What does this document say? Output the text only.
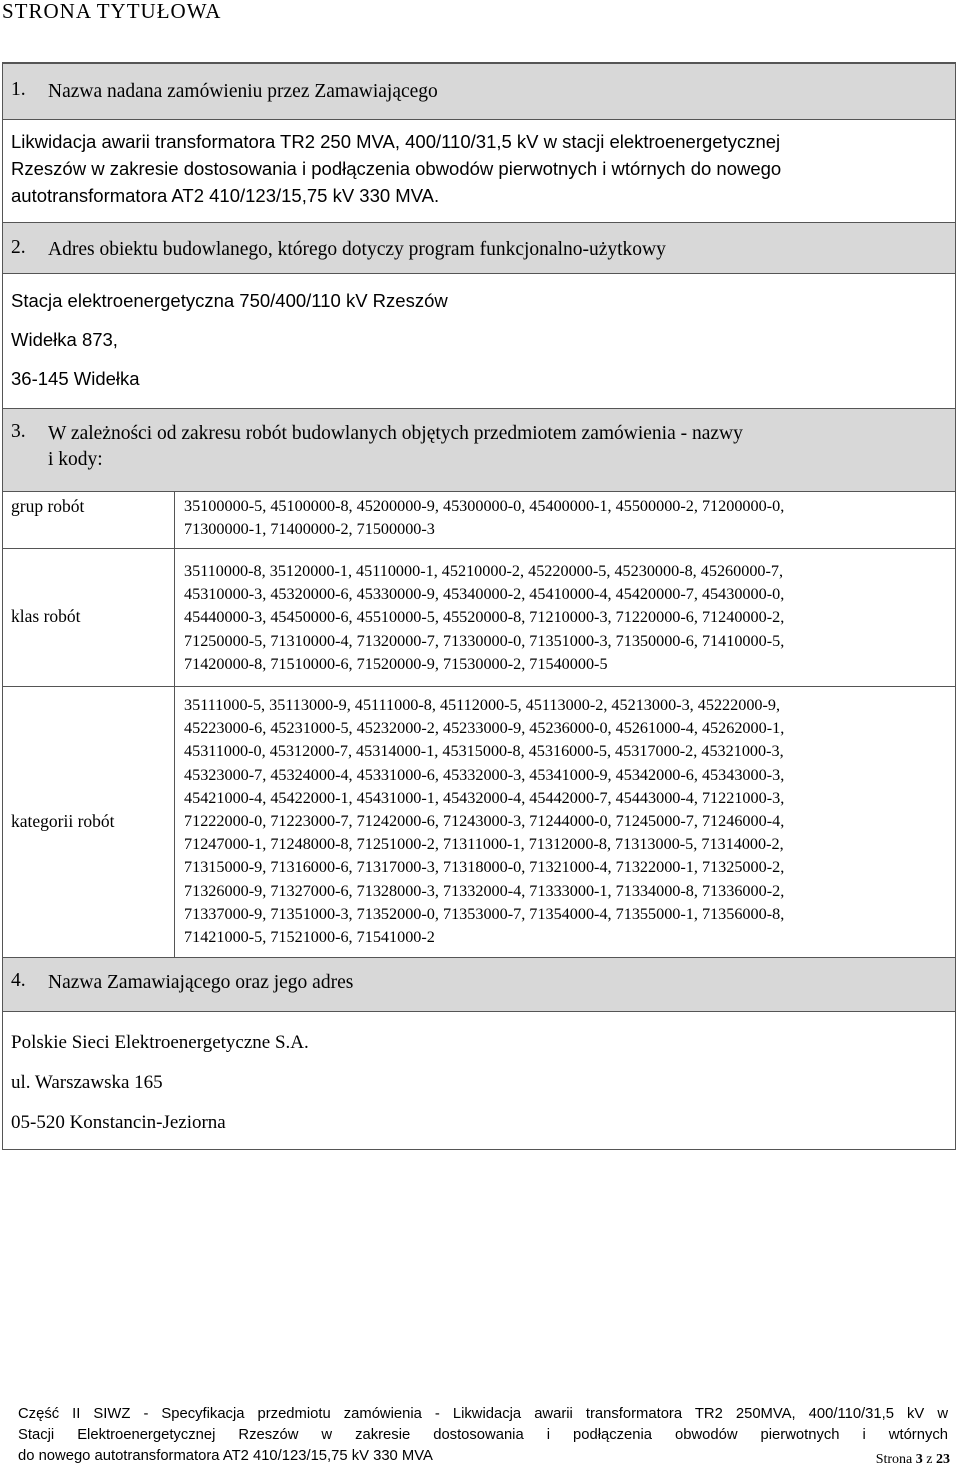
STRONA TYTUŁOWA
1. Nazwa nadana zamówieniu przez Zamawiającego
Likwidacja awarii transformatora TR2 250 MVA, 400/110/31,5 kV w stacji elektroenergetycznej
Rzeszów w zakresie dostosowania i podłączenia obwodów pierwotnych i wtórnych do nowego
autotransformatora AT2 410/123/15,75 kV 330 MVA.
2. Adres obiektu budowlanego, którego dotyczy program funkcjonalno-użytkowy
Stacja elektroenergetyczna 750/400/110 kV Rzeszów
Widełka 873,
36-145 Widełka
3. W zależności od zakresu robót budowlanych objętych przedmiotem zamówienia - nazwy
i kody:
grup robót	35100000-5, 45100000-8, 45200000-9, 45300000-0, 45400000-1, 45500000-2, 71200000-0,
71300000-1, 71400000-2, 71500000-3
klas robót
35110000-8, 35120000-1, 45110000-1, 45210000-2, 45220000-5, 45230000-8, 45260000-7,
45310000-3, 45320000-6, 45330000-9, 45340000-2, 45410000-4, 45420000-7, 45430000-0,
45440000-3, 45450000-6, 45510000-5, 45520000-8, 71210000-3, 71220000-6, 71240000-2,
71250000-5, 71310000-4, 71320000-7, 71330000-0, 71351000-3, 71350000-6, 71410000-5,
71420000-8, 71510000-6, 71520000-9, 71530000-2, 71540000-5
kategorii robót
35111000-5, 35113000-9, 45111000-8, 45112000-5, 45113000-2, 45213000-3, 45222000-9,
45223000-6, 45231000-5, 45232000-2, 45233000-9, 45236000-0, 45261000-4, 45262000-1,
45311000-0, 45312000-7, 45314000-1, 45315000-8, 45316000-5, 45317000-2, 45321000-3,
45323000-7, 45324000-4, 45331000-6, 45332000-3, 45341000-9, 45342000-6, 45343000-3,
45421000-4, 45422000-1, 45431000-1, 45432000-4, 45442000-7, 45443000-4, 71221000-3,
71222000-0, 71223000-7, 71242000-6, 71243000-3, 71244000-0, 71245000-7, 71246000-4,
71247000-1, 71248000-8, 71251000-2, 71311000-1, 71312000-8, 71313000-5, 71314000-2,
71315000-9, 71316000-6, 71317000-3, 71318000-0, 71321000-4, 71322000-1, 71325000-2,
71326000-9, 71327000-6, 71328000-3, 71332000-4, 71333000-1, 71334000-8, 71336000-2,
71337000-9, 71351000-3, 71352000-0, 71353000-7, 71354000-4, 71355000-1, 71356000-8,
71421000-5, 71521000-6, 71541000-2
4. Nazwa Zamawiającego oraz jego adres
Polskie Sieci Elektroenergetyczne S.A.
ul. Warszawska 165
05-520 Konstancin-Jeziorna
Część II SIWZ - Specyfikacja przedmiotu zamówienia - Likwidacja awarii transformatora TR2 250MVA, 400/110/31,5 kV w
Stacji Elektroenergetycznej Rzeszów w zakresie dostosowania i podłączenia obwodów pierwotnych i wtórnych
do nowego autotransformatora AT2 410/123/15,75 kV 330 MVA	Strona 3 z 23
